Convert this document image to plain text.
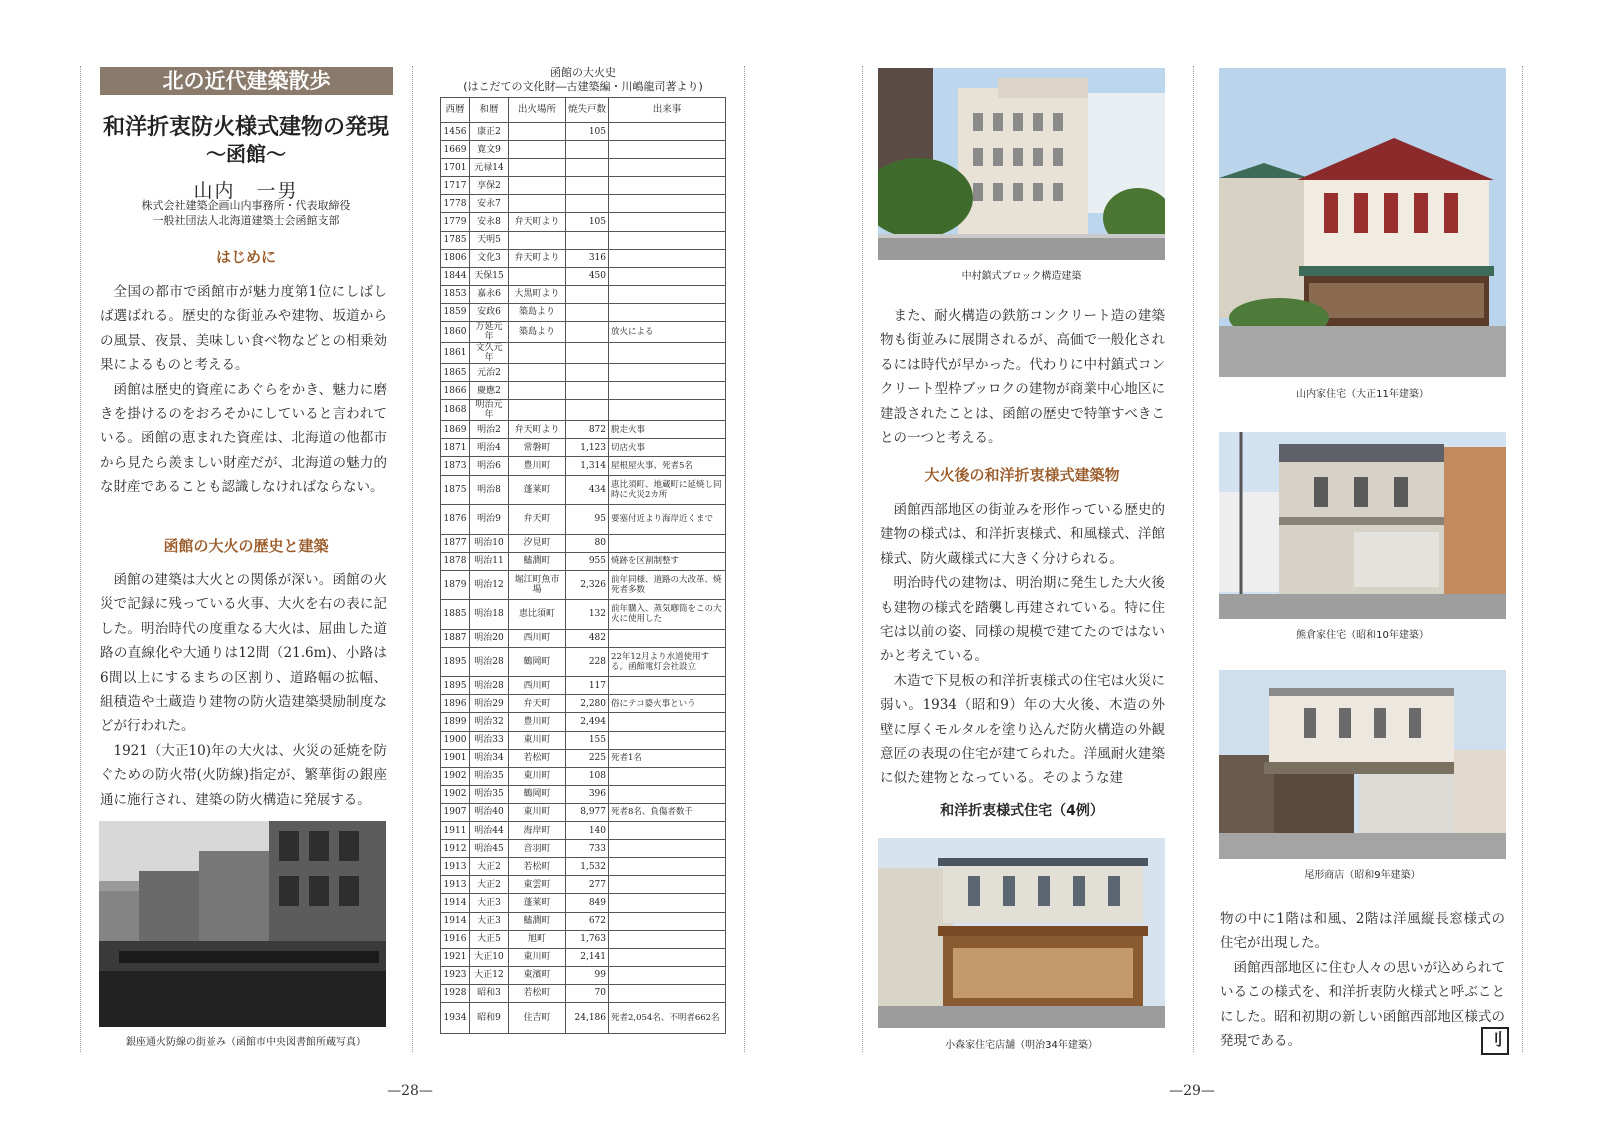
北の近代建築散歩
和洋折衷防火様式建物の発現
〜函館〜
山内　一男
株式会社建築企画山内事務所・代表取締役
一般社団法人北海道建築士会函館支部
はじめに

全国の都市で函館市が魅力度第1位にしばしば選ばれる。歴史的な街並みや建物、坂道からの風景、夜景、美味しい食べ物などとの相乗効果によるものと考える。

函館は歴史的資産にあぐらをかき、魅力に磨きを掛けるのをおろそかにしていると言われている。函館の恵まれた資産は、北海道の他都市から見たら羨ましい財産だが、北海道の魅力的な財産であることも認識しなければならない。

函館の大火の歴史と建築

函館の建築は大火との関係が深い。函館の火災で記録に残っている火事、大火を右の表に記した。明治時代の度重なる大火は、屈曲した道路の直線化や大通りは12間（21.6m)、小路は6間以上にするまちの区割り、道路幅の拡幅、組積造や土蔵造り建物の防火造建築奨励制度などが行われた。

1921（大正10)年の大火は、火災の延焼を防ぐための防火帯(火防線)指定が、繁華街の銀座通に施行され、建築の防火構造に発展する。

銀座通火防線の街並み（函館市中央図書館所蔵写真）
函館の大火史
(はこだての文化財―古建築編・川嶋龍司著より)
西暦	和暦	出火場所	焼失戸数	出来事
1456	康正2		105	
1669	寛文9			
1701	元禄14			
1717	享保2			
1778	安永7			
1779	安永8	弁天町より	105	
1785	天明5			
1806	文化3	弁天町より	316	
1844	天保15		450	
1853	嘉永6	大黒町より		
1859	安政6	築島より		
1860	万延元年	築島より		放火による
1861	文久元年			
1865	元治2			
1866	慶應2			
1868	明治元年			
1869	明治2	弁天町より	872	脱走火事
1871	明治4	常磐町	1,123	切店火事
1873	明治6	豊川町	1,314	屋根屋火事、死者5名
1875	明治8	蓬莱町	434	恵比須町、地蔵町に延焼し同時に火災2カ所
1876	明治9	弁天町	95	要塞付近より海岸近くまで
1877	明治10	汐見町	80	
1878	明治11	鰪澗町	955	焼跡を区割制整す
1879	明治12	堀江町魚市場	2,326	前年同様、道路の大改革、焼死者多数
1885	明治18	恵比須町	132	前年購入、蒸気喞筒をこの大火に使用した
1887	明治20	西川町	482	
1895	明治28	鶴岡町	228	22年12月より水道使用する。函館電灯会社設立
1895	明治28	西川町	117	
1896	明治29	弁天町	2,280	俗にテコ婆火事という
1899	明治32	豊川町	2,494	
1900	明治33	東川町	155	
1901	明治34	若松町	225	死者1名
1902	明治35	東川町	108	
1902	明治35	鶴岡町	396	
1907	明治40	東川町	8,977	死者8名、負傷者数千
1911	明治44	海岸町	140	
1912	明治45	音羽町	733	
1913	大正2	若松町	1,532	
1913	大正2	東雲町	277	
1914	大正3	蓬莱町	849	
1914	大正3	鰪澗町	672	
1916	大正5	旭町	1,763	
1921	大正10	東川町	2,141	
1923	大正12	東濱町	99	
1928	昭和3	若松町	70	
1934	昭和9	住吉町	24,186	死者2,054名、不明者662名
—28—
中村鎮式ブロック構造建築

また、耐火構造の鉄筋コンクリート造の建築物も街並みに展開されるが、高価で一般化されるには時代が早かった。代わりに中村鎮式コンクリート型枠ブッロクの建物が商業中心地区に建設されたことは、函館の歴史で特筆すべきことの一つと考える。

大火後の和洋折衷様式建築物

函館西部地区の街並みを形作っている歴史的建物の様式は、和洋折衷様式、和風様式、洋館様式、防火蔵様式に大きく分けられる。

明治時代の建物は、明治期に発生した大火後も建物の様式を踏襲し再建されている。特に住宅は以前の姿、同様の規模で建てたのではないかと考えている。

木造で下見板の和洋折衷様式の住宅は火災に弱い。1934（昭和9）年の大火後、木造の外壁に厚くモルタルを塗り込んだ防火構造の外観意匠の表現の住宅が建てられた。洋風耐火建築に似た建物となっている。そのような建

和洋折衷様式住宅（4例）
小森家住宅店舗（明治34年建築）
山内家住宅（大正11年建築）
熊倉家住宅（昭和10年建築）
尾形商店（昭和9年建築）

物の中に1階は和風、2階は洋風縦長窓様式の住宅が出現した。

函館西部地区に住む人々の思いが込められているこの様式を、和洋折衷防火様式と呼ぶことにした。昭和初期の新しい函館西部地区様式の発現である。	刂
—29—
